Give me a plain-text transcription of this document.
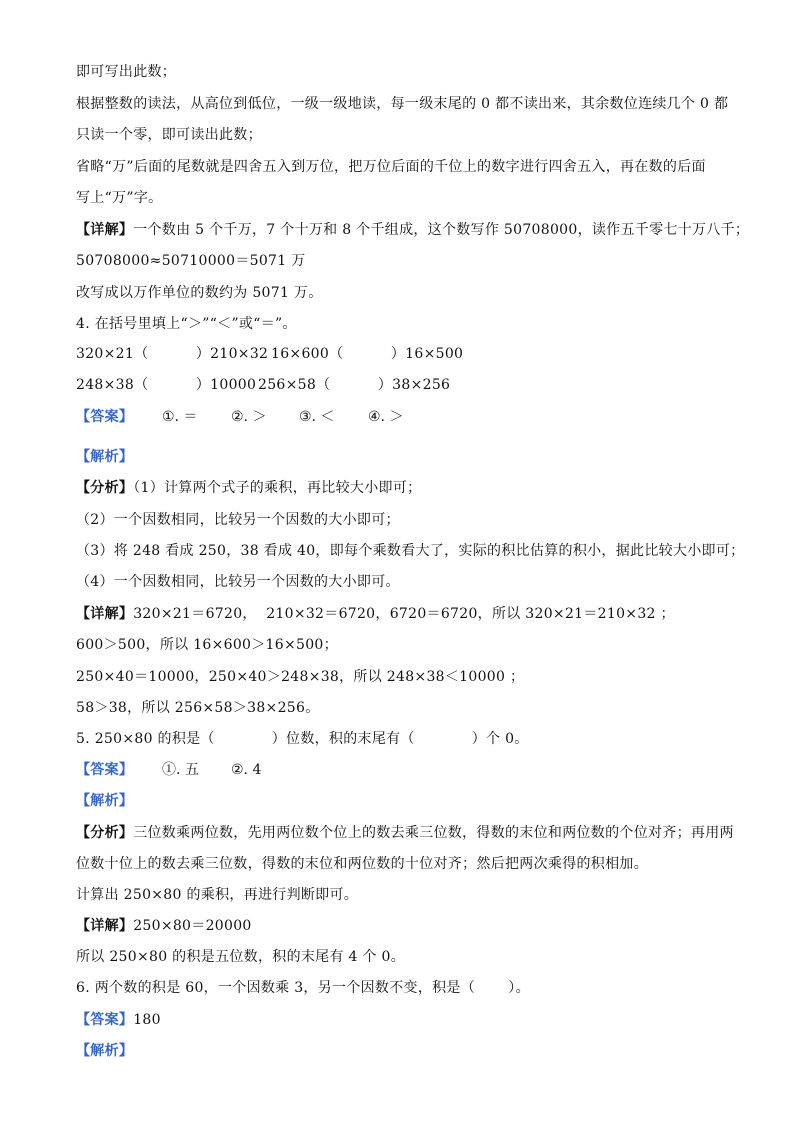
即可写出此数；
根据整数的读法，从高位到低位，一级一级地读，每一级末尾的 0 都不读出来，其余数位连续几个 0 都
只读一个零，即可读出此数；
省略“万”后面的尾数就是四舍五入到万位，把万位后面的千位上的数字进行四舍五入，再在数的后面
写上“万”字。
【详解】一个数由 5 个千万，7 个十万和 8 个千组成，这个数写作 50708000，读作五千零七十万八千；
50708000≈50710000＝5071 万
改写成以万作单位的数约为 5071 万。
4. 在括号里填上“＞”“＜”或“＝”。
320×21（          ）210×32 16×600（          ）16×500
248×38（          ）10000 256×58（          ）38×256
【答案】 ①. ＝ ②. ＞ ③. ＜ ④. ＞
【解析】
【分析】（1）计算两个式子的乘积，再比较大小即可；
（2）一个因数相同，比较另一个因数的大小即可；
（3）将 248 看成 250，38 看成 40，即每个乘数看大了，实际的积比估算的积小，据此比较大小即可；
（4）一个因数相同，比较另一个因数的大小即可。
【详解】320×21＝6720，  210×32＝6720，6720＝6720，所以 320×21＝210×32 ；
600＞500，所以 16×600＞16×500；
250×40＝10000，250×40＞248×38，所以 248×38＜10000 ；
58＞38，所以 256×58＞38×256。
5. 250×80 的积是（            ）位数，积的末尾有（            ）个 0。
【答案】 ①. 五 ②. 4
【解析】
【分析】三位数乘两位数，先用两位数个位上的数去乘三位数，得数的末位和两位数的个位对齐；再用两
位数十位上的数去乘三位数，得数的末位和两位数的十位对齐；然后把两次乘得的积相加。
计算出 250×80 的乘积，再进行判断即可。
【详解】250×80＝20000
所以 250×80 的积是五位数，积的末尾有 4 个 0。
6. 两个数的积是 60，一个因数乘 3，另一个因数不变，积是（       ）。
【答案】180
【解析】
